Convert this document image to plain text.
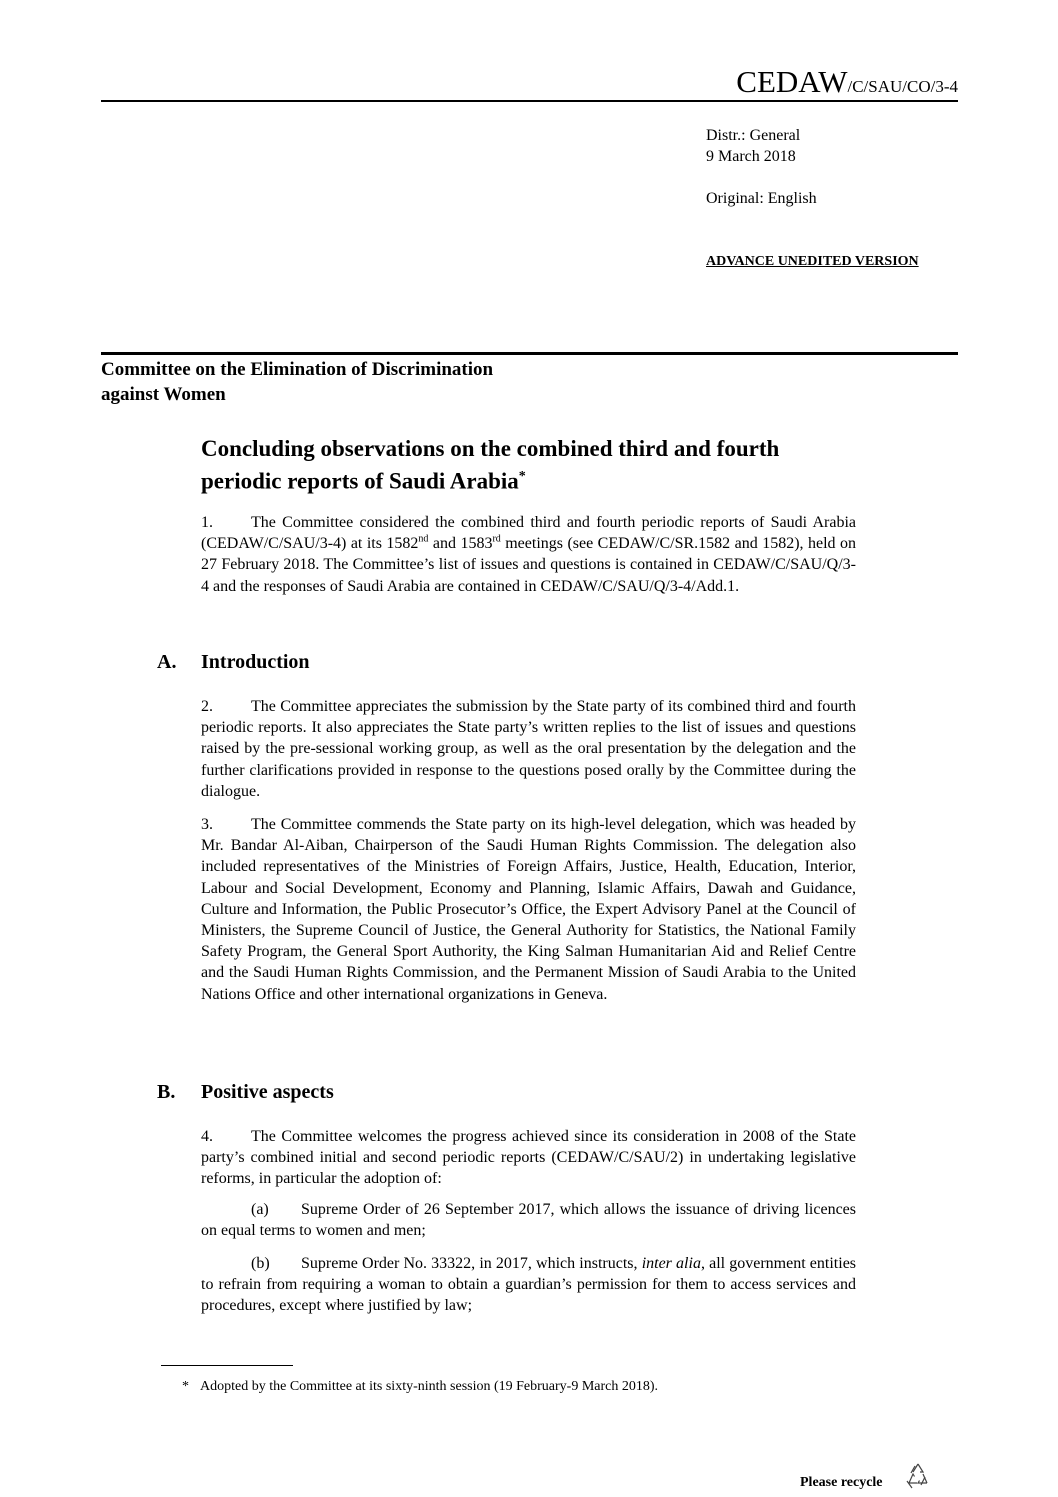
CEDAW/C/SAU/CO/3-4
Distr.: General
9 March 2018
Original: English
ADVANCE UNEDITED VERSION
Committee on the Elimination of Discrimination
against Women
Concluding observations on the combined third and fourth
periodic reports of Saudi Arabia*
1. The Committee considered the combined third and fourth periodic reports of Saudi Arabia (CEDAW/C/SAU/3-4) at its 1582nd and 1583rd meetings (see CEDAW/C/SR.1582 and 1582), held on 27 February 2018. The Committee’s list of issues and questions is contained in CEDAW/C/SAU/Q/3-4 and the responses of Saudi Arabia are contained in CEDAW/C/SAU/Q/3-4/Add.1.
A. Introduction
2. The Committee appreciates the submission by the State party of its combined third and fourth periodic reports. It also appreciates the State party’s written replies to the list of issues and questions raised by the pre-sessional working group, as well as the oral presentation by the delegation and the further clarifications provided in response to the questions posed orally by the Committee during the dialogue.
3. The Committee commends the State party on its high-level delegation, which was headed by Mr. Bandar Al-Aiban, Chairperson of the Saudi Human Rights Commission. The delegation also included representatives of the Ministries of Foreign Affairs, Justice, Health, Education, Interior, Labour and Social Development, Economy and Planning, Islamic Affairs, Dawah and Guidance, Culture and Information, the Public Prosecutor’s Office, the Expert Advisory Panel at the Council of Ministers, the Supreme Council of Justice, the General Authority for Statistics, the National Family Safety Program, the General Sport Authority, the King Salman Humanitarian Aid and Relief Centre and the Saudi Human Rights Commission, and the Permanent Mission of Saudi Arabia to the United Nations Office and other international organizations in Geneva.
B. Positive aspects
4. The Committee welcomes the progress achieved since its consideration in 2008 of the State party’s combined initial and second periodic reports (CEDAW/C/SAU/2) in undertaking legislative reforms, in particular the adoption of:
(a) Supreme Order of 26 September 2017, which allows the issuance of driving licences on equal terms to women and men;
(b) Supreme Order No. 33322, in 2017, which instructs, inter alia, all government entities to refrain from requiring a woman to obtain a guardian’s permission for them to access services and procedures, except where justified by law;
* Adopted by the Committee at its sixty-ninth session (19 February-9 March 2018).
Please recycle
